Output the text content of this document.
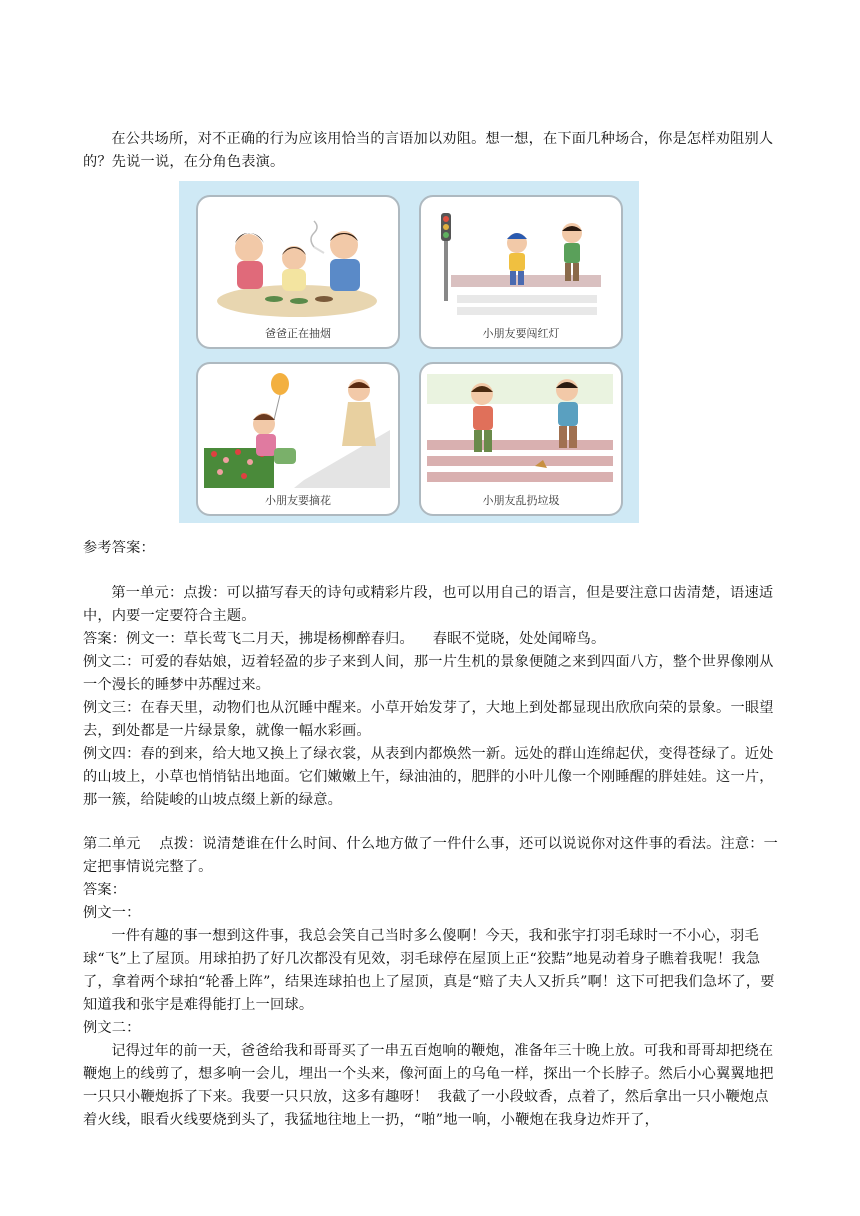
在公共场所，对不正确的行为应该用恰当的言语加以劝阻。想一想，在下面几种场合，你是怎样劝阻别人的？先说一说，在分角色表演。
爸爸正在抽烟	小朋友要闯红灯
小朋友要摘花	小朋友乱扔垃圾
参考答案：
第一单元：点拨：可以描写春天的诗句或精彩片段，也可以用自己的语言，但是要注意口齿清楚，语速适中，内要一定要符合主题。
答案：例文一：草长莺飞二月天，拂堤杨柳醉春归。    春眠不觉晓，处处闻啼鸟。
例文二：可爱的春姑娘，迈着轻盈的步子来到人间，那一片生机的景象便随之来到四面八方，整个世界像刚从一个漫长的睡梦中苏醒过来。
例文三：在春天里，动物们也从沉睡中醒来。小草开始发芽了，大地上到处都显现出欣欣向荣的景象。一眼望去，到处都是一片绿景象，就像一幅水彩画。
例文四：春的到来，给大地又换上了绿衣裳，从表到内都焕然一新。远处的群山连绵起伏，变得苍绿了。近处的山坡上，小草也悄悄钻出地面。它们嫩嫩上午，绿油油的，肥胖的小叶儿像一个刚睡醒的胖娃娃。这一片，那一簇，给陡峻的山坡点缀上新的绿意。
第二单元    点拨：说清楚谁在什么时间、什么地方做了一件什么事，还可以说说你对这件事的看法。注意：一定把事情说完整了。
答案：
例文一：
一件有趣的事一想到这件事，我总会笑自己当时多么傻啊！今天，我和张宇打羽毛球时一不小心，羽毛球“飞”上了屋顶。用球拍扔了好几次都没有见效，羽毛球停在屋顶上正“狡黠”地晃动着身子瞧着我呢！我急了，拿着两个球拍“轮番上阵”，结果连球拍也上了屋顶，真是“赔了夫人又折兵”啊！这下可把我们急坏了，要知道我和张宇是难得能打上一回球。
例文二：
记得过年的前一天，爸爸给我和哥哥买了一串五百炮响的鞭炮，准备年三十晚上放。可我和哥哥却把绕在鞭炮上的线剪了，想多响一会儿，埋出一个头来，像河面上的乌龟一样，探出一个长脖子。然后小心翼翼地把一只只小鞭炮拆了下来。我要一只只放，这多有趣呀！  我截了一小段蚊香，点着了，然后拿出一只小鞭炮点着火线，眼看火线要烧到头了，我猛地往地上一扔，“啪”地一响，小鞭炮在我身边炸开了，
